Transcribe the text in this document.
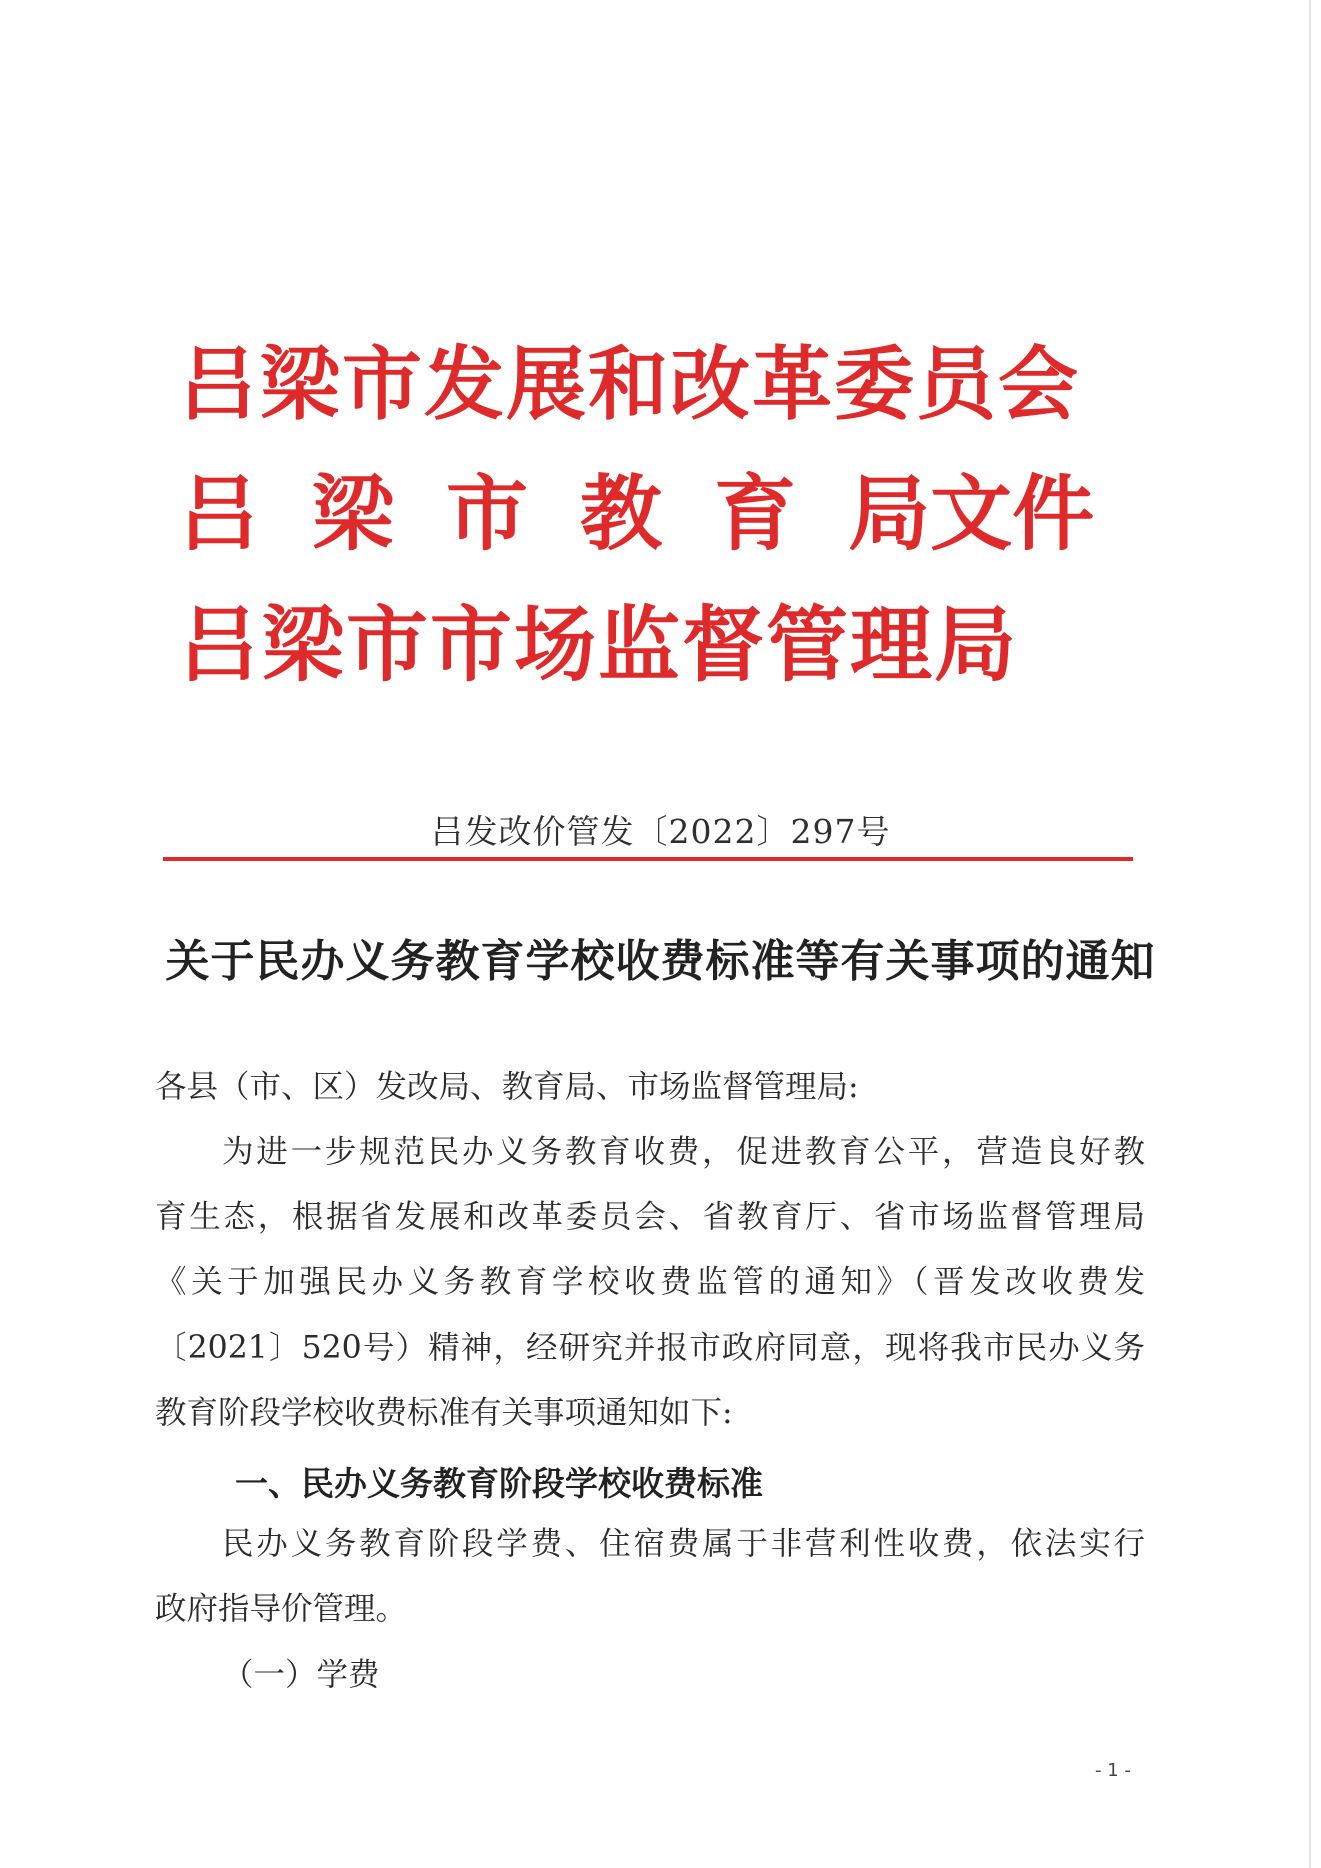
吕梁市发展和改革委员会
吕 梁 市 教 育 局文件
吕梁市市场监督管理局
吕发改价管发〔2022〕297号
关于民办义务教育学校收费标准等有关事项的通知
各县（市、区）发改局、教育局、市场监督管理局:
为进一步规范民办义务教育收费，促进教育公平，营造良好教
育生态，根据省发展和改革委员会、省教育厅、省市场监督管理局
《关于加强民办义务教育学校收费监管的通知》（晋发改收费发
〔2021〕520号）精神，经研究并报市政府同意，现将我市民办义务
教育阶段学校收费标准有关事项通知如下:
一、民办义务教育阶段学校收费标准
民办义务教育阶段学费、住宿费属于非营利性收费，依法实行
政府指导价管理。
（一）学费
- 1 -
